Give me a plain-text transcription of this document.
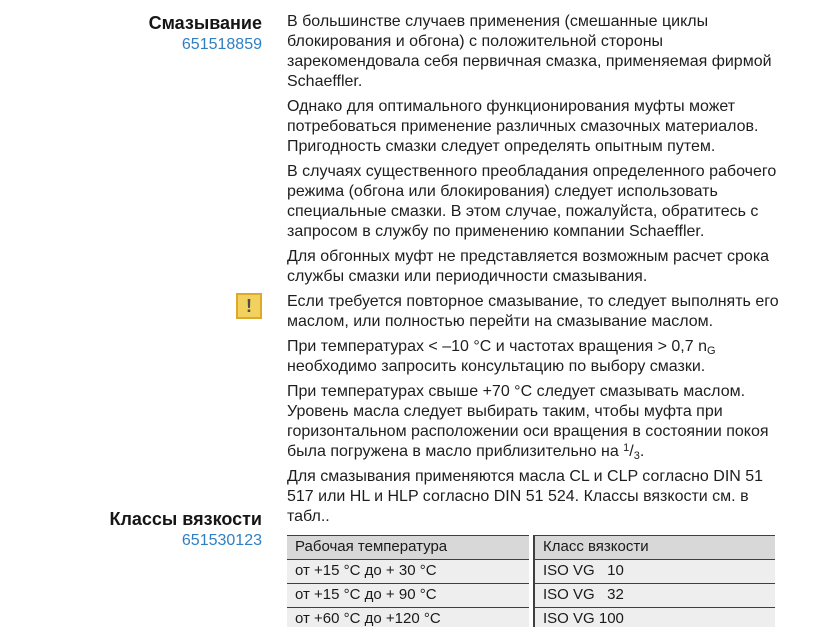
Смазывание
651518859
Классы вязкости
651530123
В большинстве случаев применения (смешанные циклы блокирования и обгона) с положительной стороны зарекомендовала себя первичная смазка, применяемая фирмой Schaeffler.
Однако для оптимального функционирования муфты может потребоваться применение различных смазочных материалов. Пригодность смазки следует определять опытным путем.
В случаях существенного преобладания определенного рабочего режима (обгона или блокирования) следует использовать специальные смазки. В этом случае, пожалуйста, обратитесь с запросом в службу по применению компании Schaeffler.
Для обгонных муфт не представляется возможным расчет срока службы смазки или периодичности смазывания.
!	Если требуется повторное смазывание, то следует выполнять его маслом, или полностью перейти на смазывание маслом.
При температурах < –10 °C и частотах вращения > 0,7 $n_G$ необходимо запросить консультацию по выбору смазки.
При температурах свыше +70 °C следует смазывать маслом. Уровень масла следует выбирать таким, чтобы муфта при горизонтальном расположении оси вращения в состоянии покоя была погружена в масло приблизительно на $^1/_3$.
Для смазывания применяются масла CL и CLP согласно DIN 51 517 или HL и HLP согласно DIN 51 524. Классы вязкости см. в табл..
Рабочая температура	Класс вязкости
от +15 °C до + 30 °C	ISO VG   10
от +15 °C до + 90 °C	ISO VG   32
от +60 °C до +120 °C	ISO VG 100
